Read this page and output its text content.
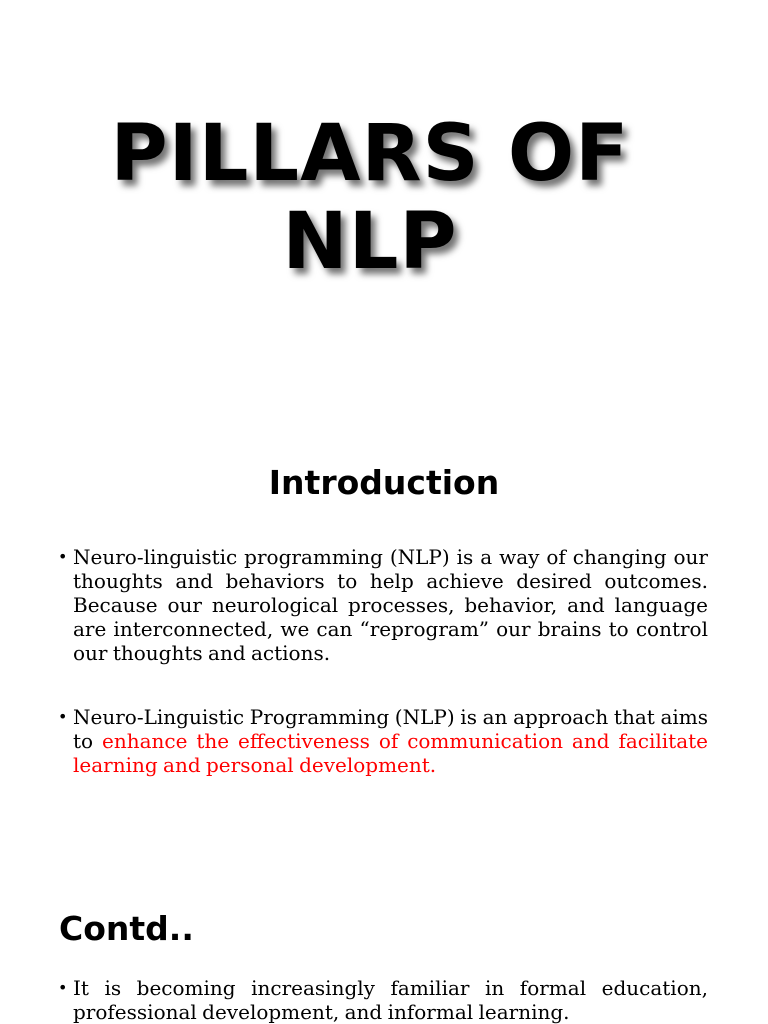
PILLARS OF
NLP
Introduction
• Neuro-linguistic programming (NLP) is a way of changing our thoughts and behaviors to help achieve desired outcomes. Because our neurological processes, behavior, and language are interconnected, we can “reprogram” our brains to control our thoughts and actions.
• Neuro-Linguistic Programming (NLP) is an approach that aims to enhance the effectiveness of communication and facilitate learning and personal development.
Contd..
• It is becoming increasingly familiar in formal education, professional development, and informal learning.
